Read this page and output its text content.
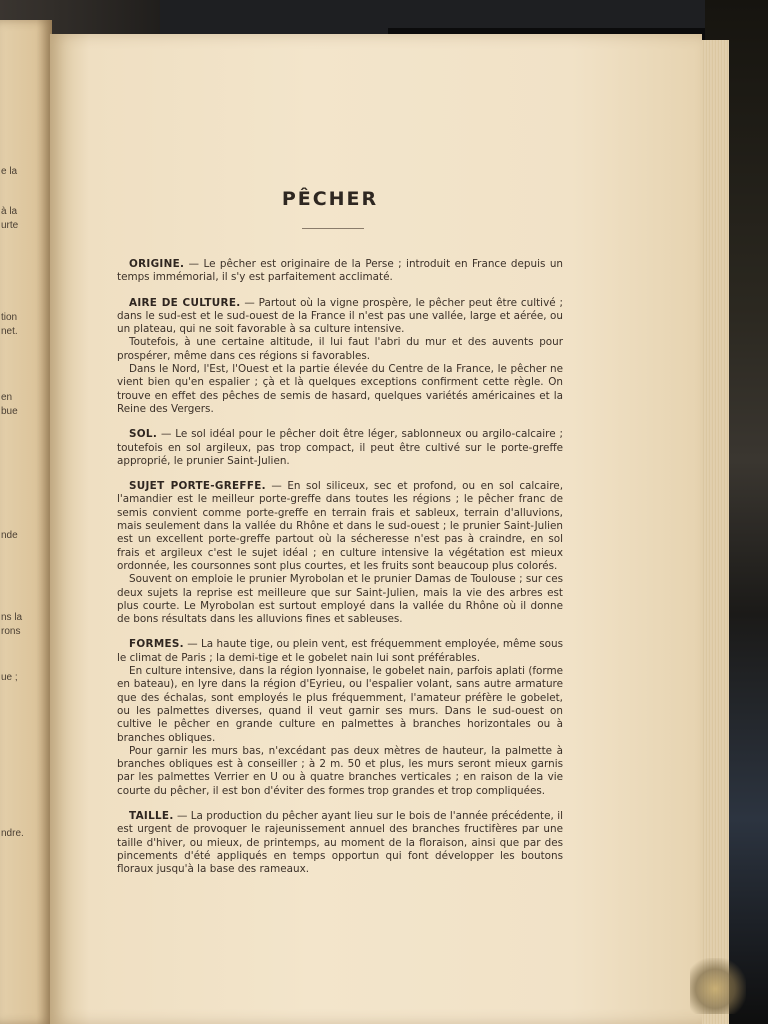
e la
à la
urte
tion
net.
en
bue
nde
ns la
rons
ue ;
ndre.
PÊCHER

ORIGINE. — Le pêcher est originaire de la Perse ; introduit en France depuis un temps immémorial, il s'y est parfaitement acclimaté.

AIRE DE CULTURE. — Partout où la vigne prospère, le pêcher peut être cultivé ; dans le sud-est et le sud-ouest de la France il n'est pas une vallée, large et aérée, ou un plateau, qui ne soit favorable à sa culture intensive.

Toutefois, à une certaine altitude, il lui faut l'abri du mur et des auvents pour prospérer, même dans ces régions si favorables.

Dans le Nord, l'Est, l'Ouest et la partie élevée du Centre de la France, le pêcher ne vient bien qu'en espalier ; çà et là quelques exceptions confirment cette règle. On trouve en effet des pêches de semis de hasard, quelques variétés américaines et la Reine des Vergers.

SOL. — Le sol idéal pour le pêcher doit être léger, sablonneux ou argilo-calcaire ; toutefois en sol argileux, pas trop compact, il peut être cultivé sur le porte-greffe approprié, le prunier Saint-Julien.

SUJET PORTE-GREFFE. — En sol siliceux, sec et profond, ou en sol calcaire, l'amandier est le meilleur porte-greffe dans toutes les régions ; le pêcher franc de semis convient comme porte-greffe en terrain frais et sableux, terrain d'alluvions, mais seulement dans la vallée du Rhône et dans le sud-ouest ; le prunier Saint-Julien est un excellent porte-greffe partout où la sécheresse n'est pas à craindre, en sol frais et argileux c'est le sujet idéal ; en culture intensive la végétation est mieux ordonnée, les coursonnes sont plus courtes, et les fruits sont beaucoup plus colorés.

Souvent on emploie le prunier Myrobolan et le prunier Damas de Toulouse ; sur ces deux sujets la reprise est meilleure que sur Saint-Julien, mais la vie des arbres est plus courte. Le Myrobolan est surtout employé dans la vallée du Rhône où il donne de bons résultats dans les alluvions fines et sableuses.

FORMES. — La haute tige, ou plein vent, est fréquemment employée, même sous le climat de Paris ; la demi-tige et le gobelet nain lui sont préférables.

En culture intensive, dans la région lyonnaise, le gobelet nain, parfois aplati (forme en bateau), en lyre dans la région d'Eyrieu, ou l'espalier volant, sans autre armature que des échalas, sont employés le plus fréquemment, l'amateur préfère le gobelet, ou les palmettes diverses, quand il veut garnir ses murs. Dans le sud-ouest on cultive le pêcher en grande culture en palmettes à branches horizontales ou à branches obliques.

Pour garnir les murs bas, n'excédant pas deux mètres de hauteur, la palmette à branches obliques est à conseiller ; à 2 m. 50 et plus, les murs seront mieux garnis par les palmettes Verrier en U ou à quatre branches verticales ; en raison de la vie courte du pêcher, il est bon d'éviter des formes trop grandes et trop compliquées.

TAILLE. — La production du pêcher ayant lieu sur le bois de l'année précédente, il est urgent de provoquer le rajeunissement annuel des branches fructifères par une taille d'hiver, ou mieux, de printemps, au moment de la floraison, ainsi que par des pincements d'été appliqués en temps opportun qui font développer les boutons floraux jusqu'à la base des rameaux.
